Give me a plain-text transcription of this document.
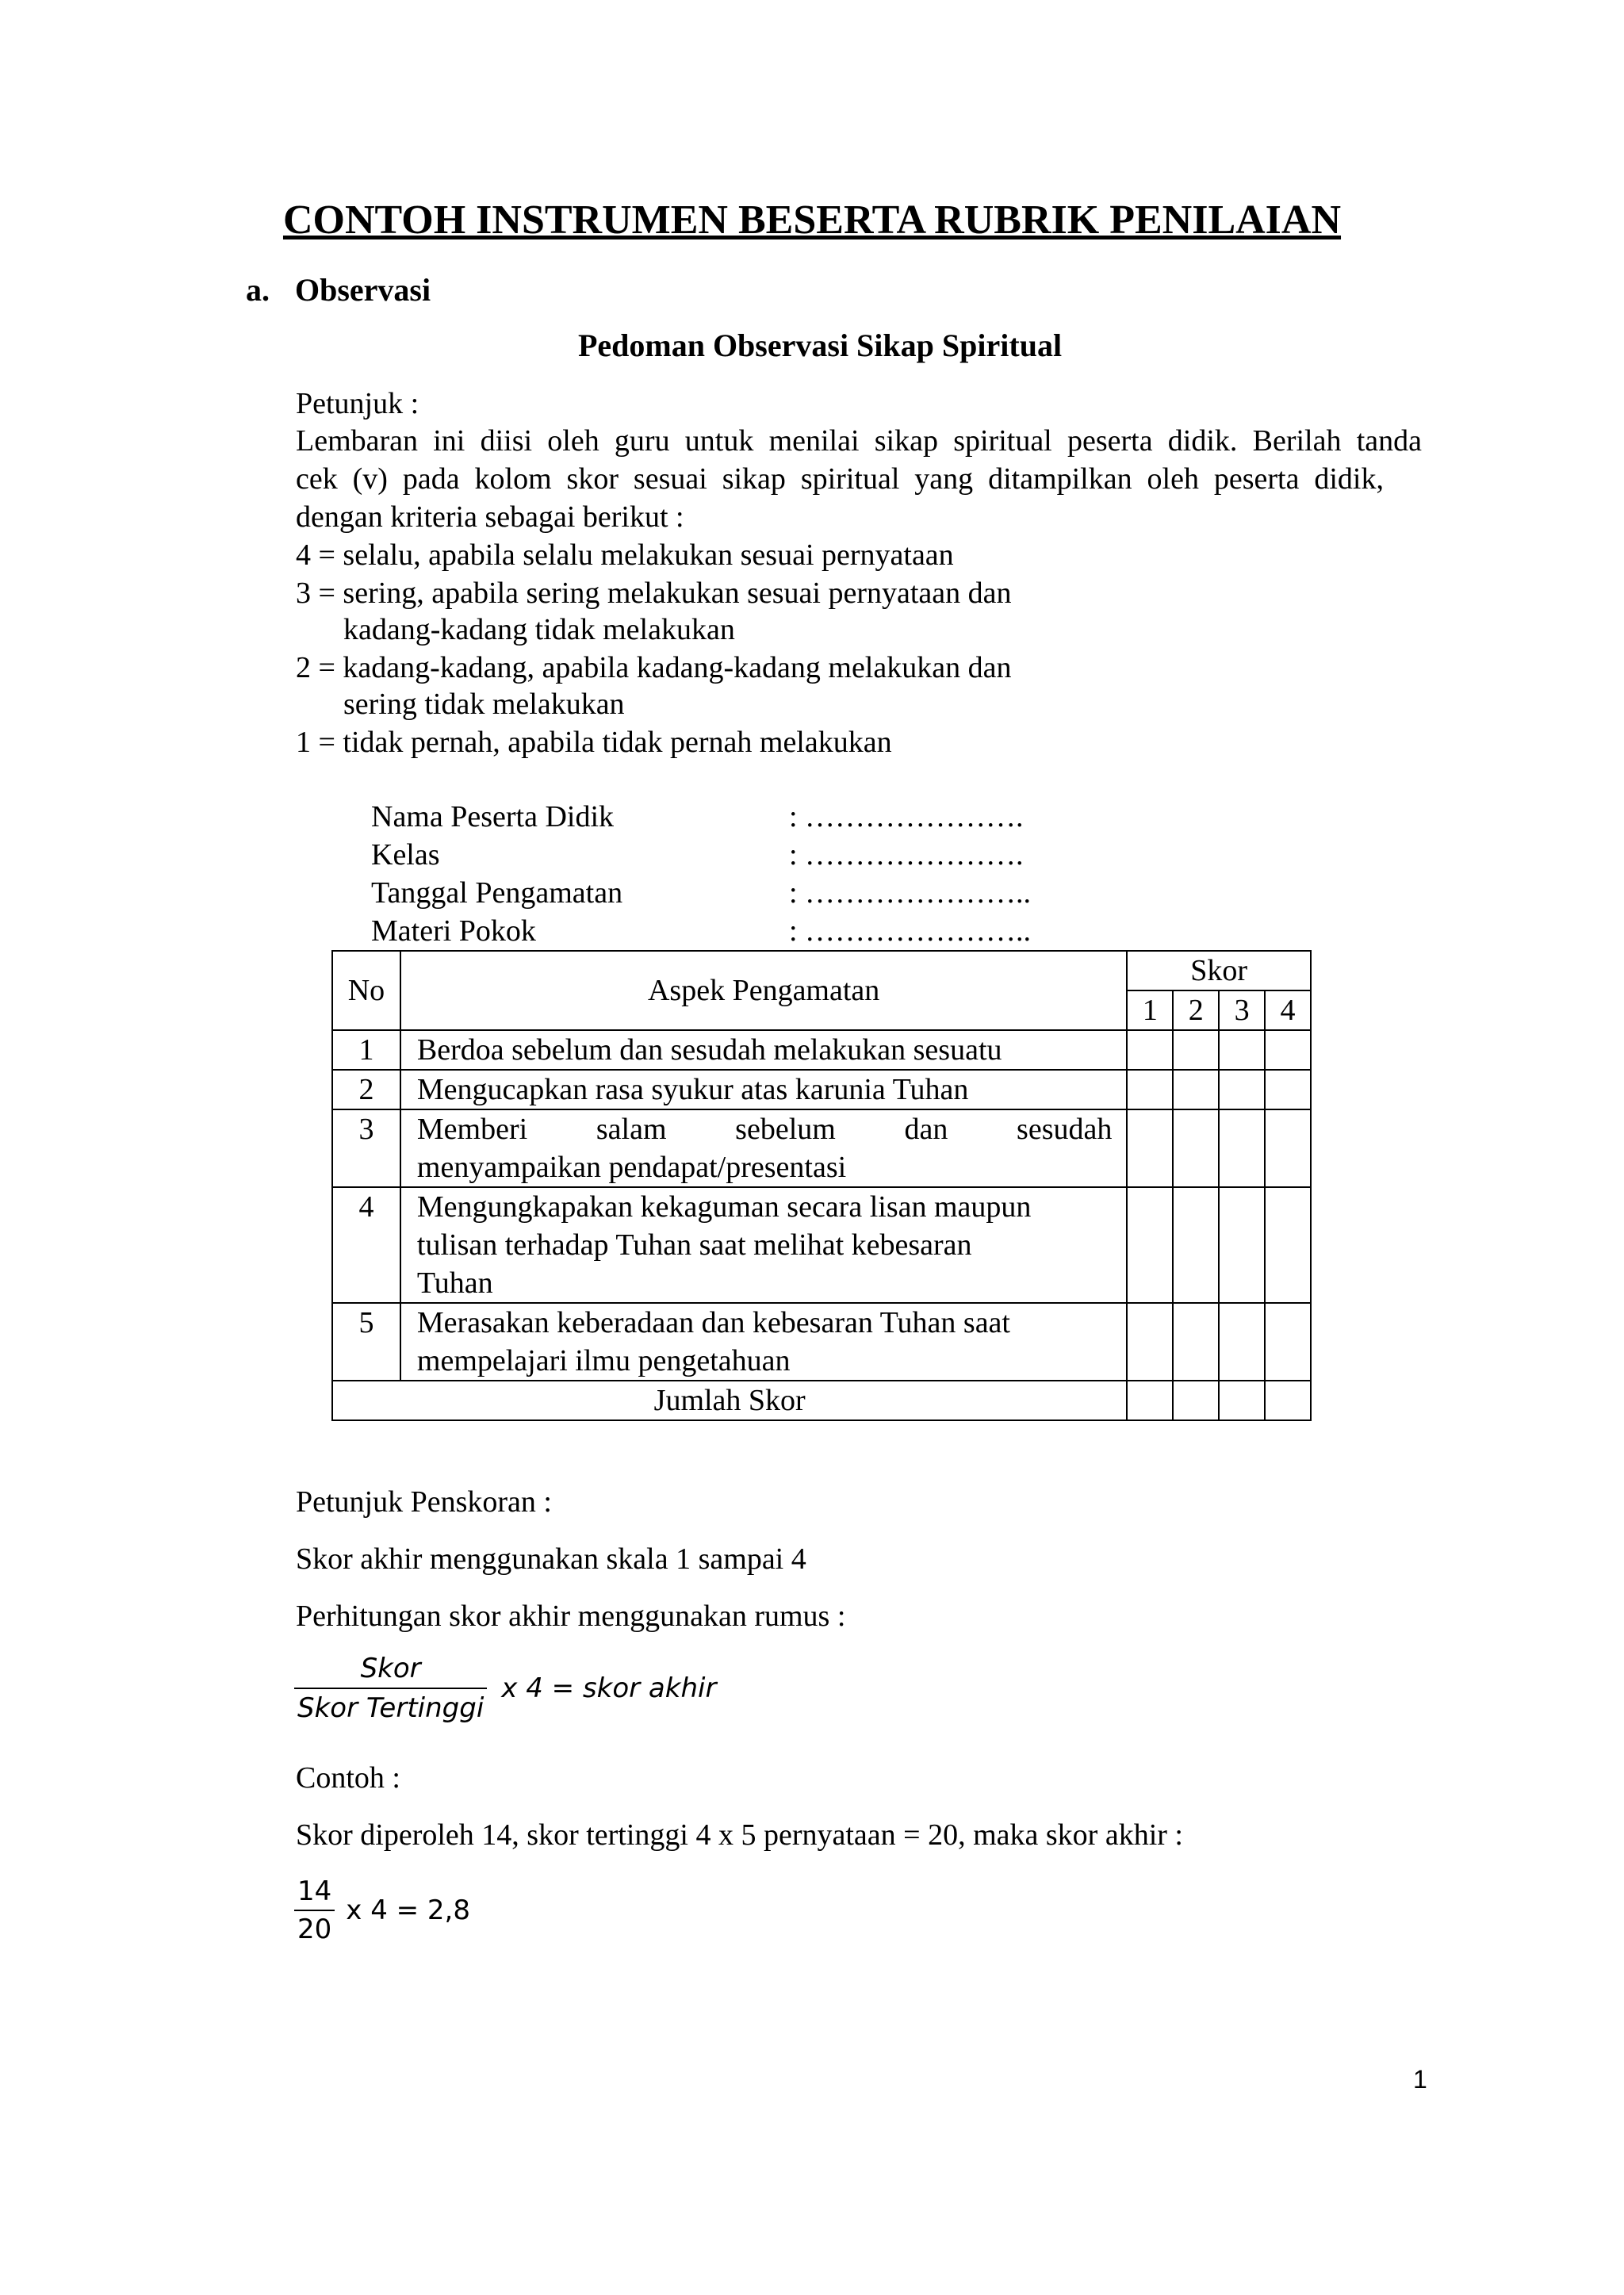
CONTOH INSTRUMEN BESERTA RUBRIK PENILAIAN
a. Observasi
Pedoman Observasi Sikap Spiritual
Petunjuk :
Lembaran ini diisi oleh guru untuk menilai sikap spiritual peserta didik. Berilah tanda
cek (v) pada kolom skor sesuai sikap spiritual yang ditampilkan oleh peserta didik,
dengan kriteria sebagai berikut :
4 = selalu, apabila selalu melakukan sesuai pernyataan
3 = sering, apabila sering melakukan sesuai pernyataan dan
kadang-kadang tidak melakukan
2 = kadang-kadang, apabila kadang-kadang melakukan dan
sering tidak melakukan
1 = tidak pernah, apabila tidak pernah melakukan
Nama Peserta Didik	: ………………….
Kelas	: ………………….
Tanggal Pengamatan	: …………………..
Materi Pokok	: …………………..
No	Aspek Pengamatan	Skor			
		1	2	3	4
1	Berdoa sebelum dan sesudah melakukan sesuatu				

2	Mengucapkan rasa syukur atas karunia Tuhan				

3	Memberi salam sebelum dan sesudah
menyampaikan pendapat/presentasi				

4	Mengungkapakan kekaguman secara lisan maupun
tulisan terhadap Tuhan saat melihat kebesaran
Tuhan				

5	Merasakan keberadaan dan kebesaran Tuhan saat
mempelajari ilmu pengetahuan				

Jumlah Skor					
Petunjuk Penskoran :
Skor akhir menggunakan skala 1 sampai 4
Perhitungan skor akhir menggunakan rumus :
$\frac{\text{Skor}}{\text{Skor Tertinggi}}$ x 4 = skor akhir
Contoh :
Skor diperoleh 14, skor tertinggi 4 x 5 pernyataan = 20, maka skor akhir :
$\frac{14}{20}$ x 4 = 2,8
1
